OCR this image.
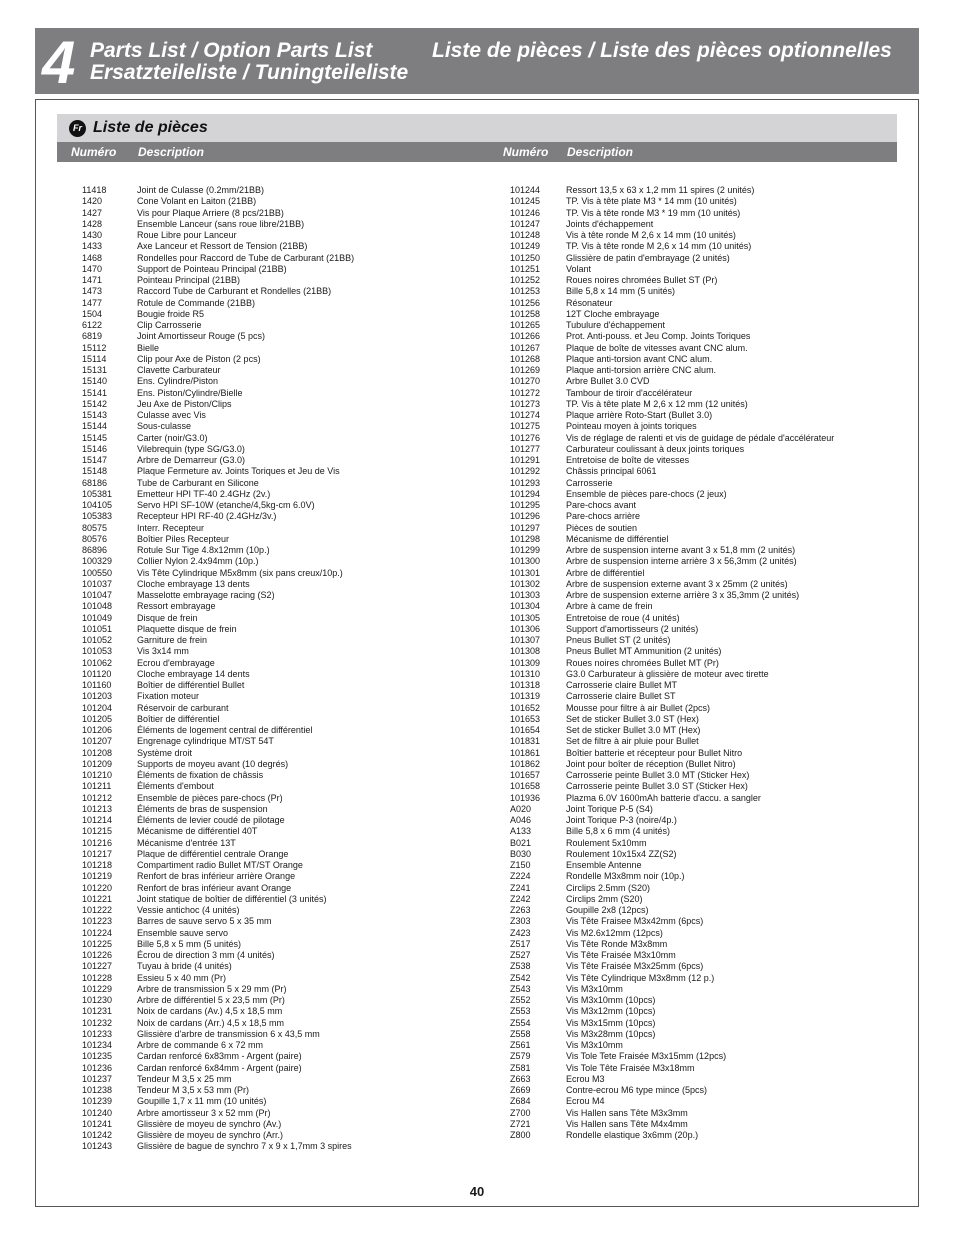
4 Parts List / Option Parts List
Ersatzteileliste / Tuningteileliste
Liste de pièces / Liste des pièces optionnelles
Fr Liste de pièces
Numéro Description	Numéro Description
11418	Joint de Culasse (0.2mm/21BB)
1420	Cone Volant en Laiton (21BB)
1427	Vis pour Plaque Arriere (8 pcs/21BB)
1428	Ensemble Lanceur (sans roue libre/21BB)
1430	Roue Libre pour Lanceur
1433	Axe Lanceur et Ressort de Tension (21BB)
1468	Rondelles pour Raccord de Tube de Carburant (21BB)
1470	Support de Pointeau Principal (21BB)
1471	Pointeau Principal (21BB)
1473	Raccord Tube de Carburant et Rondelles (21BB)
1477	Rotule de Commande (21BB)
1504	Bougie froide R5
6122	Clip Carrosserie
6819	Joint Amortisseur Rouge (5 pcs)
15112	Bielle
15114	Clip pour Axe de Piston (2 pcs)
15131	Clavette Carburateur
15140	Ens. Cylindre/Piston
15141	Ens. Piston/Cylindre/Bielle
15142	Jeu Axe de Piston/Clips
15143	Culasse avec Vis
15144	Sous-culasse
15145	Carter (noir/G3.0)
15146	Vilebrequin (type SG/G3.0)
15147	Arbre de Demarreur (G3.0)
15148	Plaque Fermeture av. Joints Toriques et Jeu de Vis
68186	Tube de Carburant en Silicone
105381	Emetteur HPI TF-40 2.4GHz (2v.)
104105	Servo HPI SF-10W (etanche/4,5kg-cm 6.0V)
105383	Recepteur HPI RF-40 (2.4GHz/3v.)
80575	Interr. Recepteur
80576	Boîtier Piles Recepteur
86896	Rotule Sur Tige 4.8x12mm (10p.)
100329	Collier Nylon 2.4x94mm (10p.)
100550	Vis Tête Cylindrique M5x8mm (six pans creux/10p.)
101037	Cloche embrayage 13 dents
101047	Masselotte embrayage racing (S2)
101048	Ressort embrayage
101049	Disque de frein
101051	Plaquette disque de frein
101052	Garniture de frein
101053	Vis 3x14 mm
101062	Ecrou d'embrayage
101120	Cloche embrayage 14 dents
101160	Boîtier de différentiel Bullet
101203	Fixation moteur
101204	Réservoir de carburant
101205	Boîtier de différentiel
101206	Éléments de logement central de différentiel
101207	Engrenage cylindrique MT/ST 54T
101208	Système droit
101209	Supports de moyeu avant (10 degrés)
101210	Éléments de fixation de châssis
101211	Éléments d'embout
101212	Ensemble de pièces pare-chocs (Pr)
101213	Éléments de bras de suspension
101214	Éléments de levier coudé de pilotage
101215	Mécanisme de différentiel 40T
101216	Mécanisme d'entrée 13T
101217	Plaque de différentiel centrale Orange
101218	Compartiment radio Bullet MT/ST Orange
101219	Renfort de bras inférieur arrière Orange
101220	Renfort de bras inférieur avant Orange
101221	Joint statique de boîtier de différentiel (3 unités)
101222	Vessie antichoc (4 unités)
101223	Barres de sauve servo 5 x 35 mm
101224	Ensemble sauve servo
101225	Bille 5,8 x 5 mm (5 unités)
101226	Écrou de direction 3 mm (4 unités)
101227	Tuyau à bride (4 unités)
101228	Essieu 5 x 40 mm (Pr)
101229	Arbre de transmission 5 x 29 mm (Pr)
101230	Arbre de différentiel 5 x 23,5 mm (Pr)
101231	Noix de cardans (Av.) 4,5 x 18,5 mm
101232	Noix de cardans (Arr.) 4,5 x 18,5 mm
101233	Glissière d'arbre de transmission 6 x 43,5 mm
101234	Arbre de commande 6 x 72 mm
101235	Cardan renforcé 6x83mm - Argent (paire)
101236	Cardan renforcé 6x84mm - Argent (paire)
101237	Tendeur M 3,5 x 25 mm
101238	Tendeur M 3,5 x 53 mm (Pr)
101239	Goupille 1,7 x 11 mm (10 unités)
101240	Arbre amortisseur 3 x 52 mm (Pr)
101241	Glissière de moyeu de synchro (Av.)
101242	Glissière de moyeu de synchro (Arr.)
101243	Glissière de bague de synchro 7 x 9 x 1,7mm 3 spires
101244	Ressort 13,5 x 63 x 1,2 mm 11 spires (2 unités)
101245	TP. Vis à tête plate M3 * 14 mm (10 unités)
101246	TP. Vis à tête ronde M3 * 19 mm (10 unités)
101247	Joints d'échappement
101248	Vis à tête ronde M 2,6 x 14 mm (10 unités)
101249	TP. Vis à tête ronde M 2,6 x 14 mm (10 unités)
101250	Glissière de patin d'embrayage (2 unités)
101251	Volant
101252	Roues noires chromées Bullet ST (Pr)
101253	Bille 5,8 x 14 mm (5 unités)
101256	Résonateur
101258	12T Cloche embrayage
101265	Tubulure d'échappement
101266	Prot. Anti-pouss. et Jeu Comp. Joints Toriques
101267	Plaque de boîte de vitesses avant CNC alum.
101268	Plaque anti-torsion avant CNC alum.
101269	Plaque anti-torsion arrière CNC alum.
101270	Arbre Bullet 3.0 CVD
101272	Tambour de tiroir d'accélérateur
101273	TP. Vis à tête plate M 2,6 x 12 mm (12 unités)
101274	Plaque arrière Roto-Start (Bullet 3.0)
101275	Pointeau moyen à joints toriques
101276	Vis de réglage de ralenti et vis de guidage de pédale d'accélérateur
101277	Carburateur coulissant à deux joints toriques
101291	Entretoise de boîte de vitesses
101292	Châssis principal 6061
101293	Carrosserie
101294	Ensemble de pièces pare-chocs (2 jeux)
101295	Pare-chocs avant
101296	Pare-chocs arrière
101297	Pièces de soutien
101298	Mécanisme de différentiel
101299	Arbre de suspension interne avant 3 x 51,8 mm (2 unités)
101300	Arbre de suspension interne arrière 3 x 56,3mm (2 unités)
101301	Arbre de différentiel
101302	Arbre de suspension externe avant 3 x 25mm (2 unités)
101303	Arbre de suspension externe arrière 3 x 35,3mm (2 unités)
101304	Arbre à came de frein
101305	Entretoise de roue (4 unités)
101306	Support d'amortisseurs (2 unités)
101307	Pneus Bullet ST (2 unités)
101308	Pneus Bullet MT Ammunition (2 unités)
101309	Roues noires chromées Bullet MT (Pr)
101310	G3.0 Carburateur à glissière de moteur avec tirette
101318	Carrosserie claire Bullet MT
101319	Carrosserie claire Bullet ST
101652	Mousse pour filtre à air Bullet (2pcs)
101653	Set de sticker Bullet 3.0 ST (Hex)
101654	Set de sticker Bullet 3.0 MT (Hex)
101831	Set de filtre à air pluie pour Bullet
101861	Boîtier batterie et récepteur pour Bullet Nitro
101862	Joint pour boîter de réception (Bullet Nitro)
101657	Carrosserie peinte Bullet 3.0 MT (Sticker Hex)
101658	Carrosserie peinte Bullet 3.0 ST (Sticker Hex)
101936	Plazma 6.0V 1600mAh batterie d'accu. a sangler
A020	Joint Torique P-5 (S4)
A046	Joint Torique P-3 (noire/4p.)
A133	Bille 5,8 x 6 mm (4 unités)
B021	Roulement 5x10mm
B030	Roulement 10x15x4 ZZ(S2)
Z150	Ensemble Antenne
Z224	Rondelle M3x8mm noir (10p.)
Z241	Circlips 2.5mm (S20)
Z242	Circlips 2mm (S20)
Z263	Goupille 2x8 (12pcs)
Z303	Vis Tête Fraisee M3x42mm (6pcs)
Z423	Vis M2.6x12mm (12pcs)
Z517	Vis Tête Ronde M3x8mm
Z527	Vis Tête Fraisée M3x10mm
Z538	Vis Tête Fraisée M3x25mm (6pcs)
Z542	Vis Tête Cylindrique M3x8mm (12 p.)
Z543	Vis M3x10mm
Z552	Vis M3x10mm (10pcs)
Z553	Vis M3x12mm (10pcs)
Z554	Vis M3x15mm (10pcs)
Z558	Vis M3x28mm (10pcs)
Z561	Vis M3x10mm
Z579	Vis Tole Tete Fraisée M3x15mm (12pcs)
Z581	Vis Tole Tête Fraisée M3x18mm
Z663	Ecrou M3
Z669	Contre-ecrou M6 type mince (5pcs)
Z684	Ecrou M4
Z700	Vis Hallen sans Tête M3x3mm
Z721	Vis Hallen sans Tête M4x4mm
Z800	Rondelle elastique 3x6mm (20p.)
40
